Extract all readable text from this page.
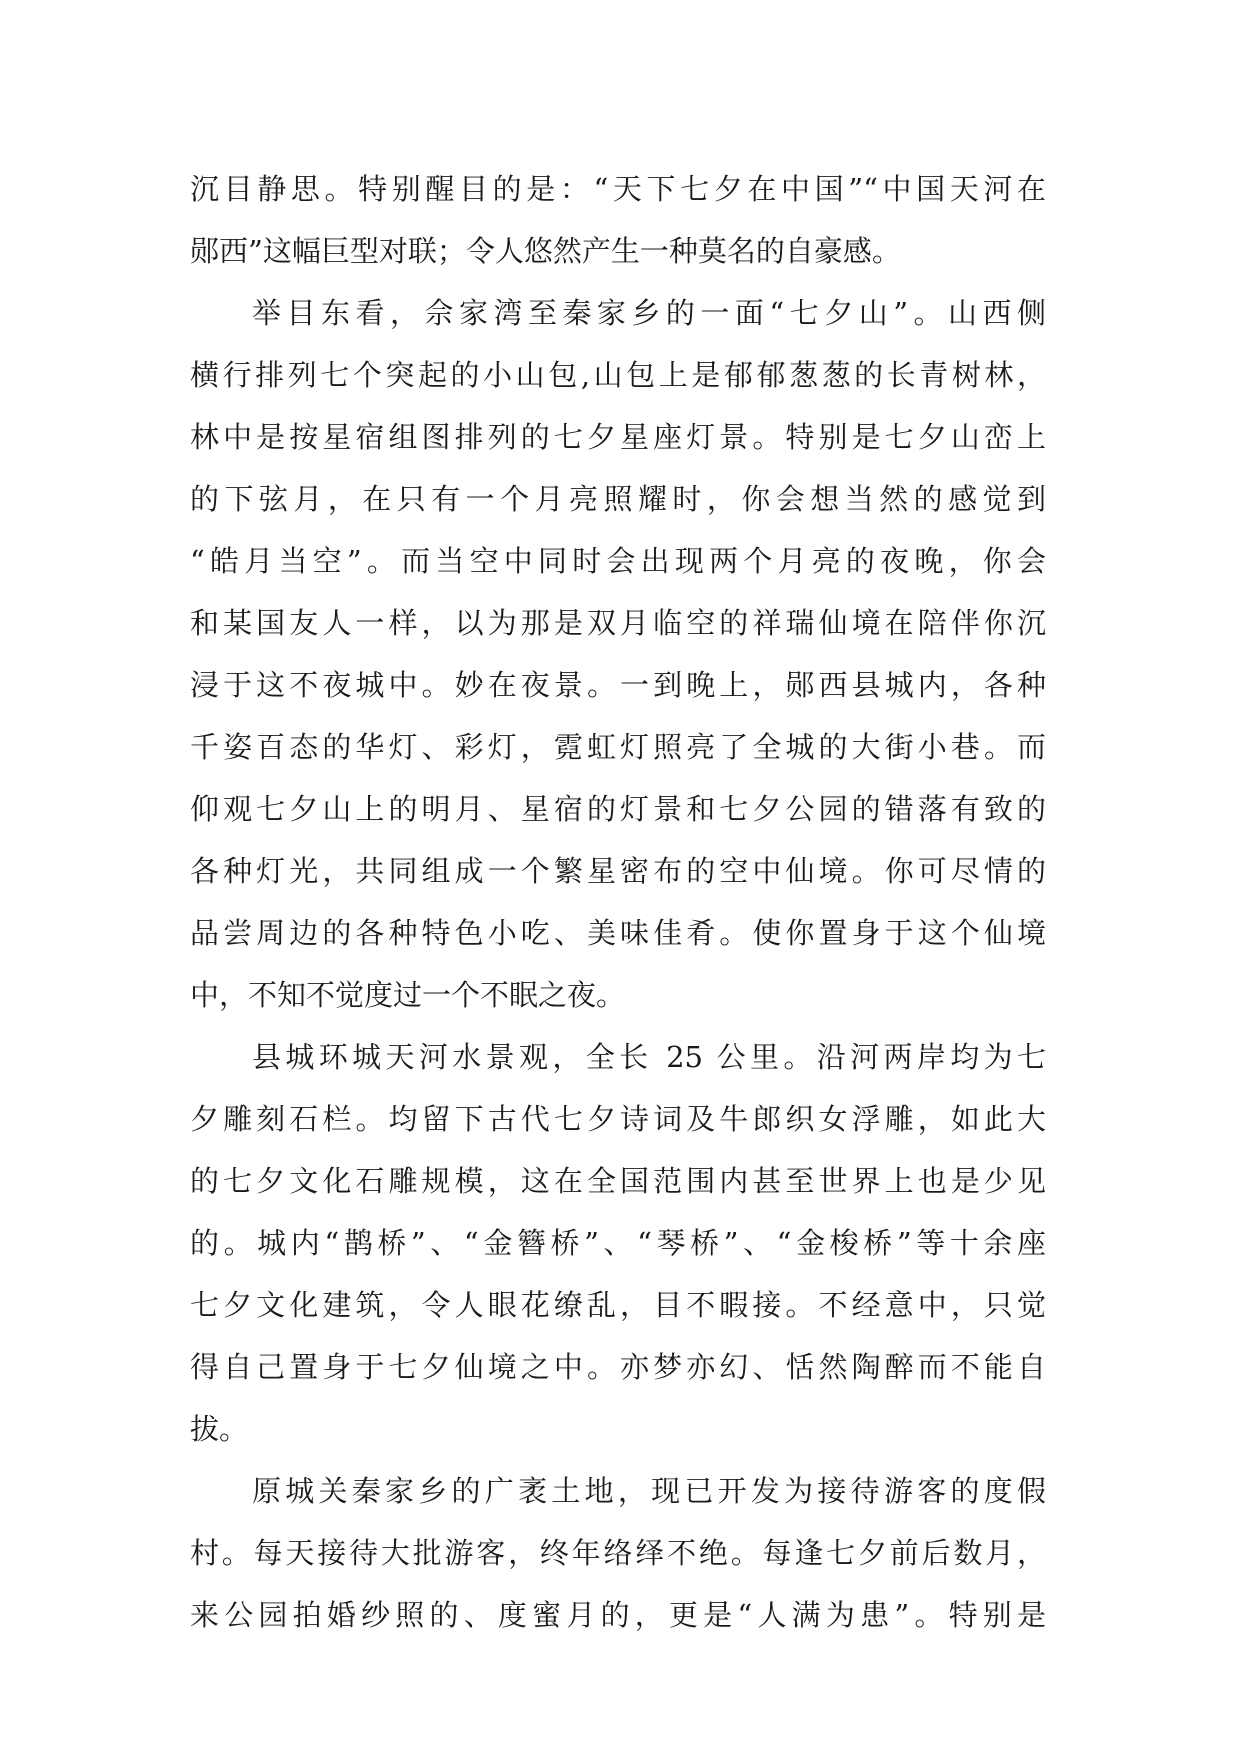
沉目静思。特别醒目的是：“天下七夕在中国”“中国天河在
郧西”这幅巨型对联；令人悠然产生一种莫名的自豪感。
举目东看，佘家湾至秦家乡的一面“七夕山”。山西侧
横行排列七个突起的小山包,山包上是郁郁葱葱的长青树林，
林中是按星宿组图排列的七夕星座灯景。特别是七夕山峦上
的下弦月，在只有一个月亮照耀时，你会想当然的感觉到
“皓月当空”。而当空中同时会出现两个月亮的夜晚，你会
和某国友人一样，以为那是双月临空的祥瑞仙境在陪伴你沉
浸于这不夜城中。妙在夜景。一到晚上，郧西县城内，各种
千姿百态的华灯、彩灯，霓虹灯照亮了全城的大街小巷。而
仰观七夕山上的明月、星宿的灯景和七夕公园的错落有致的
各种灯光，共同组成一个繁星密布的空中仙境。你可尽情的
品尝周边的各种特色小吃、美味佳肴。使你置身于这个仙境
中，不知不觉度过一个不眠之夜。
县城环城天河水景观，全长 25 公里。沿河两岸均为七
夕雕刻石栏。均留下古代七夕诗词及牛郎织女浮雕，如此大
的七夕文化石雕规模，这在全国范围内甚至世界上也是少见
的。城内“鹊桥”、“金簪桥”、“琴桥”、“金梭桥”等十余座
七夕文化建筑，令人眼花缭乱，目不暇接。不经意中，只觉
得自己置身于七夕仙境之中。亦梦亦幻、恬然陶醉而不能自
拔。
原城关秦家乡的广袤土地，现已开发为接待游客的度假
村。每天接待大批游客，终年络绎不绝。每逢七夕前后数月，
来公园拍婚纱照的、度蜜月的，更是“人满为患”。特别是
